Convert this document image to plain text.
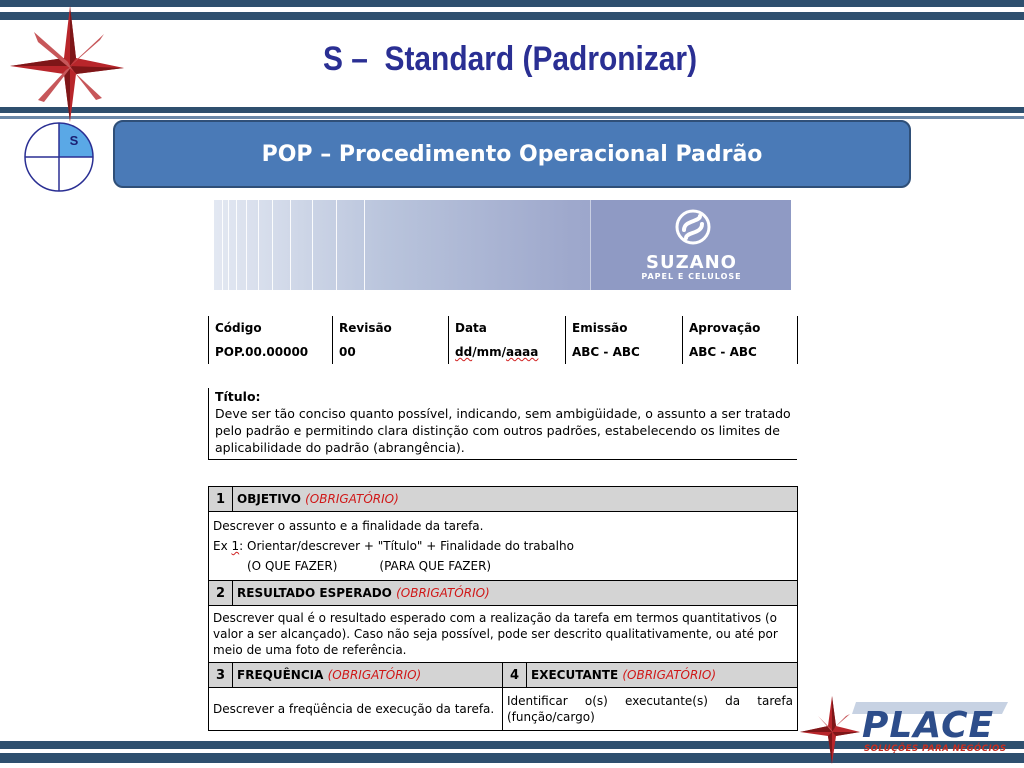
S –  Standard (Padronizar)
S
POP – Procedimento Operacional Padrão
SUZANO
PAPEL E CELULOSE
Código	Revisão	Data	Emissão	Aprovação
POP.00.00000	00	dd/mm/aaaa	ABC - ABC	ABC - ABC
Título:
Deve ser tão conciso quanto possível, indicando, sem ambigüidade, o assunto a ser tratado pelo padrão e permitindo clara distinção com outros padrões, estabelecendo os limites de aplicabilidade do padrão (abrangência).
1	OBJETIVO (OBRIGATÓRIO)		

Descrever o assunto e a finalidade da tarefa.
Ex 1: Orientar/descrever + "Título" + Finalidade do trabalho
(O QUE FAZER) (PARA QUE FAZER)			

2	RESULTADO ESPERADO (OBRIGATÓRIO)		
Descrever qual é o resultado esperado com a realização da tarefa em termos quantitativos (o valor a ser alcançado). Caso não seja possível, pode ser descrito qualitativamente, ou até por meio de uma foto de referência.			
3	FREQUÊNCIA (OBRIGATÓRIO)	4	EXECUTANTE (OBRIGATÓRIO)
Descrever a freqüência de execução da tarefa.		Identificar o(s) executante(s) da tarefa (função/cargo)		PLACE
SOLUÇÕES PARA NEGÓCIOS
